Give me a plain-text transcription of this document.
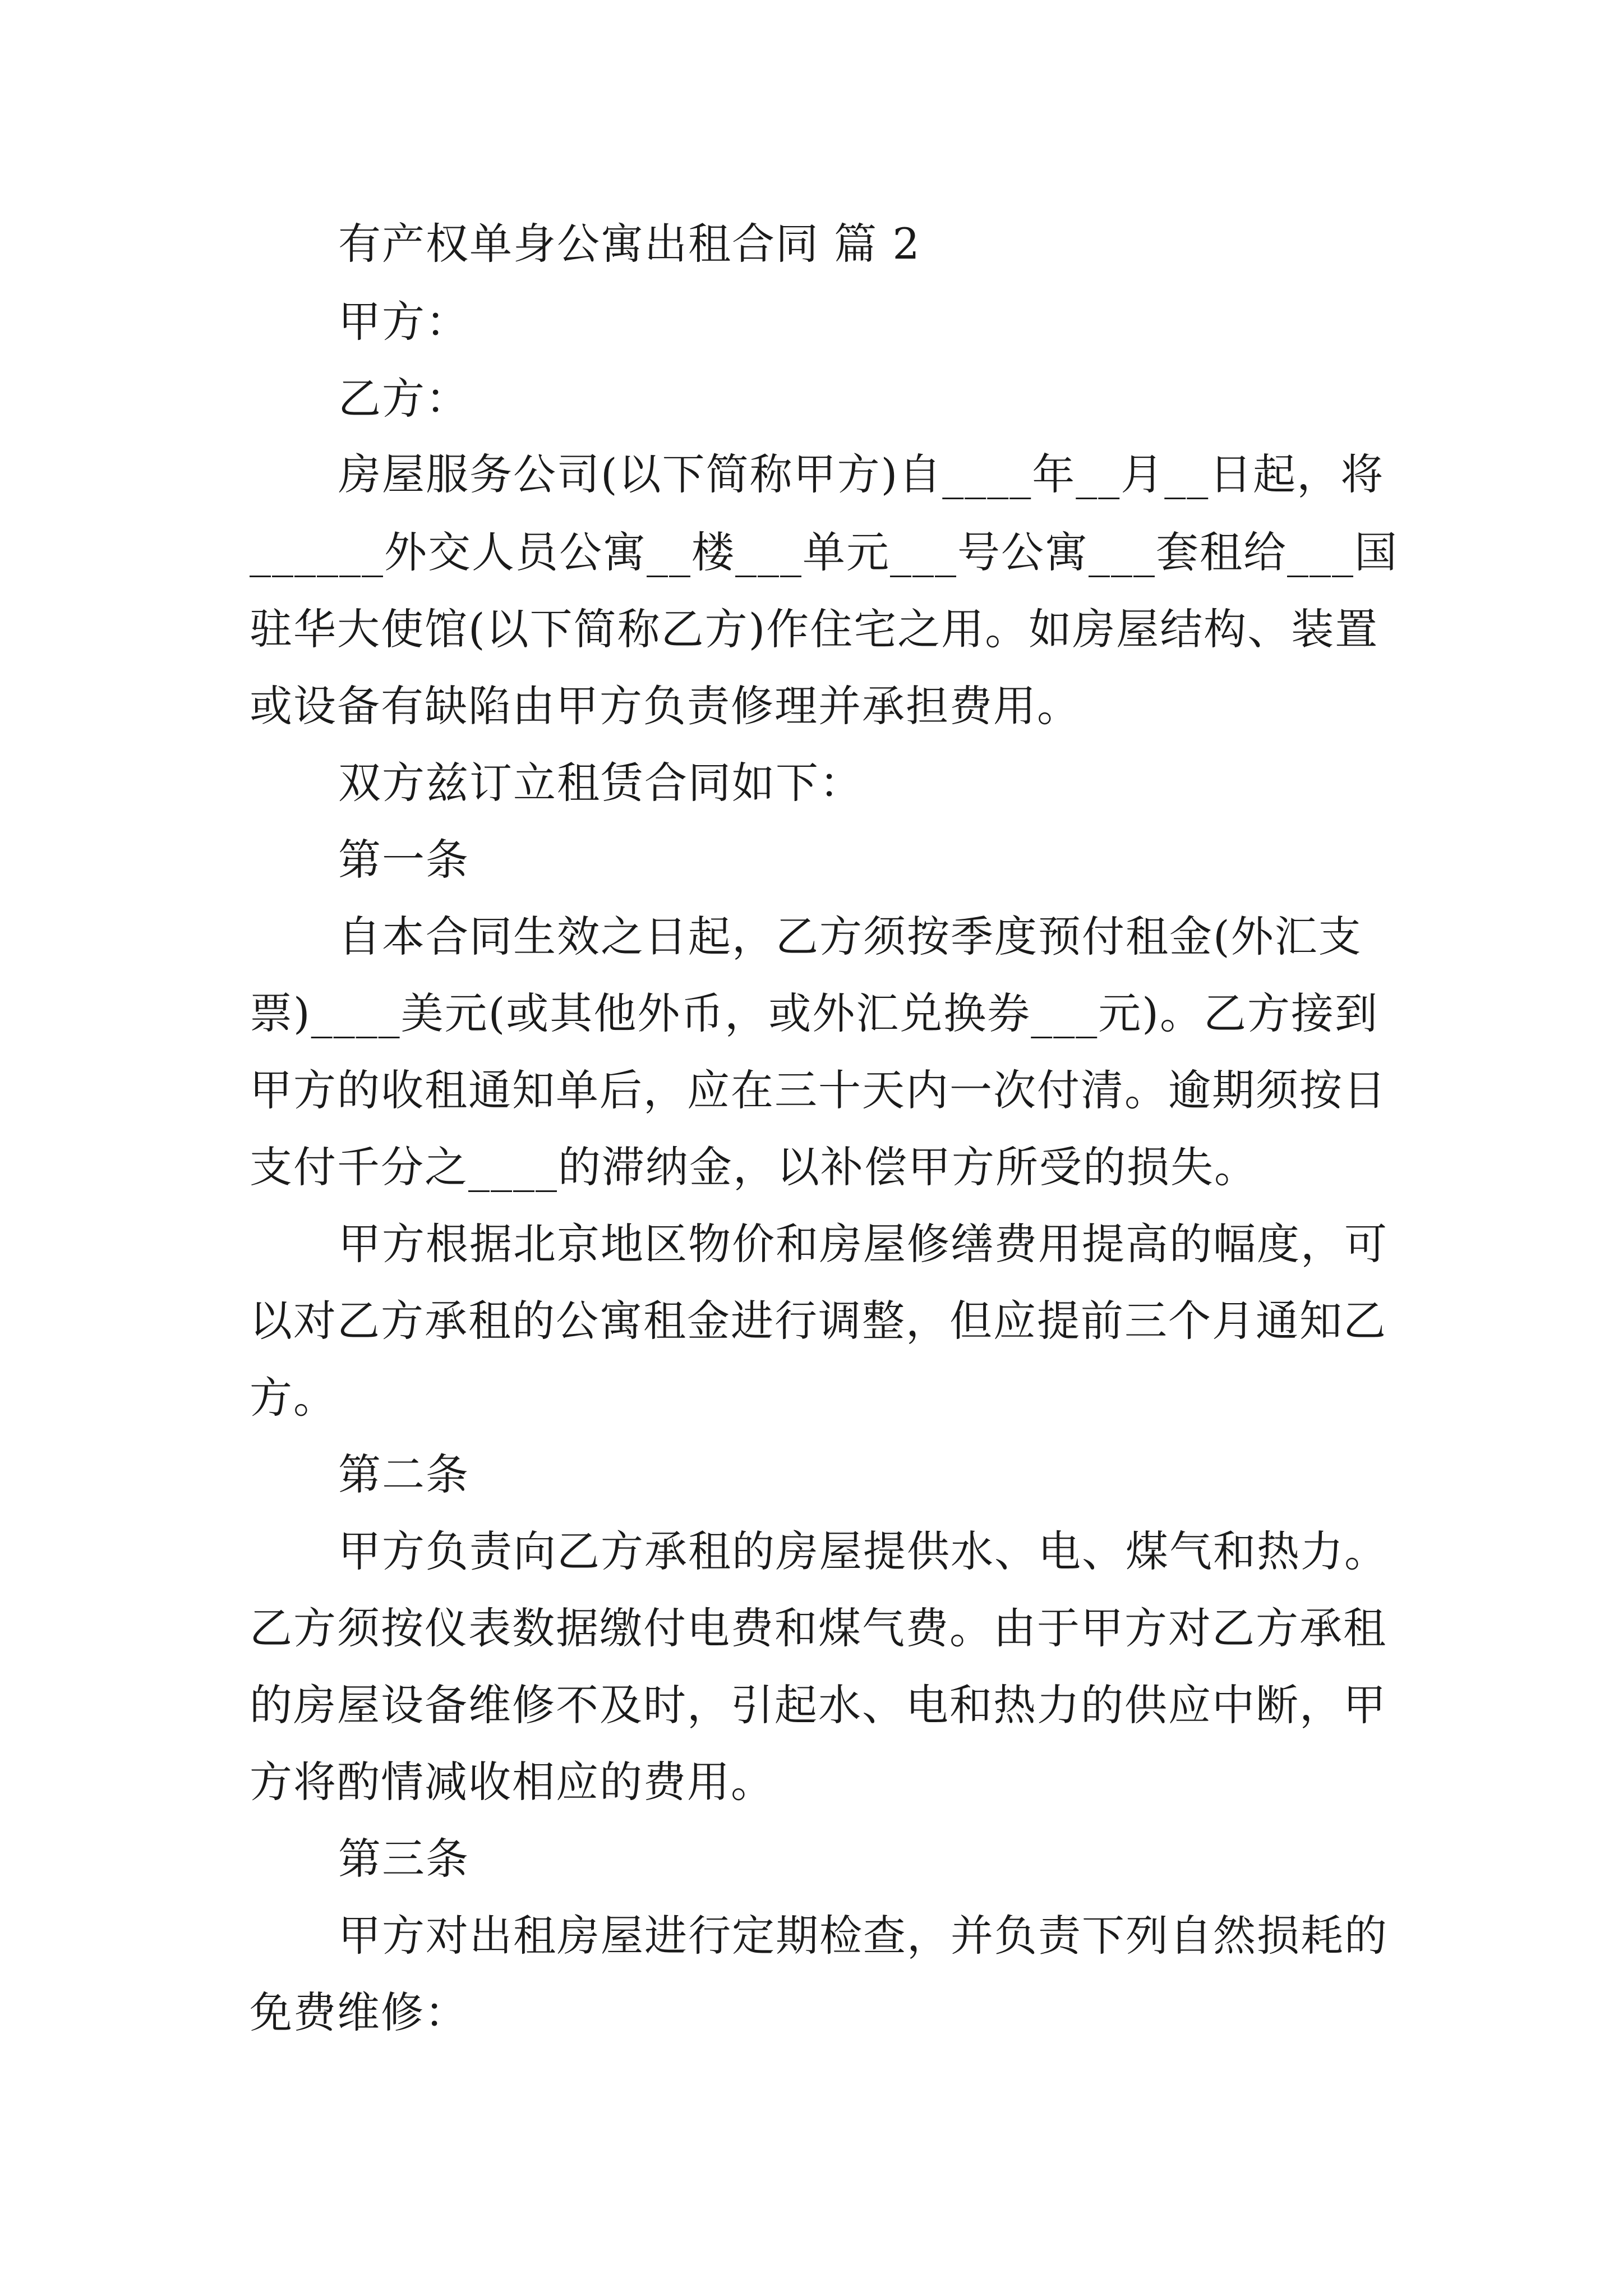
有产权单身公寓出租合同 篇 2
甲方：
乙方：
房屋服务公司(以下简称甲方)自____年__月__日起，将
______外交人员公寓__楼___单元___号公寓___套租给___国
驻华大使馆(以下简称乙方)作住宅之用。如房屋结构、装置
或设备有缺陷由甲方负责修理并承担费用。
双方兹订立租赁合同如下：
第一条
自本合同生效之日起，乙方须按季度预付租金(外汇支
票)____美元(或其他外币，或外汇兑换券___元)。乙方接到
甲方的收租通知单后，应在三十天内一次付清。逾期须按日
支付千分之____的滞纳金，以补偿甲方所受的损失。
甲方根据北京地区物价和房屋修缮费用提高的幅度，可
以对乙方承租的公寓租金进行调整，但应提前三个月通知乙
方。
第二条
甲方负责向乙方承租的房屋提供水、电、煤气和热力。
乙方须按仪表数据缴付电费和煤气费。由于甲方对乙方承租
的房屋设备维修不及时，引起水、电和热力的供应中断，甲
方将酌情减收相应的费用。
第三条
甲方对出租房屋进行定期检查，并负责下列自然损耗的
免费维修：
